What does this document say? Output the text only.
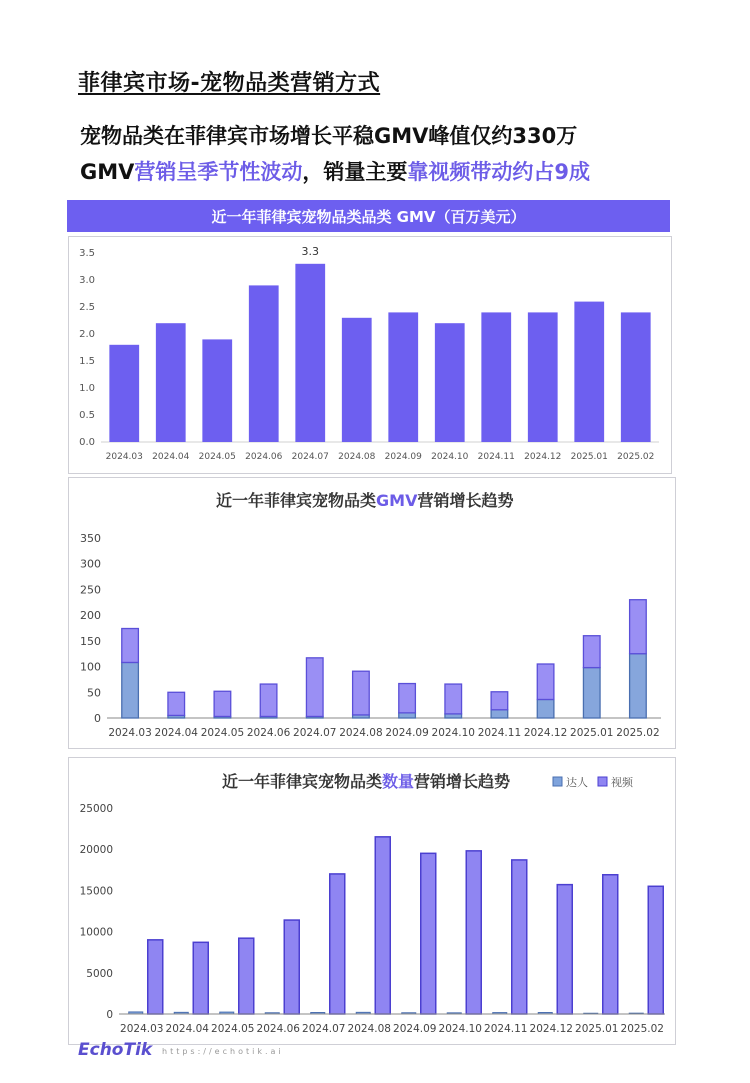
菲律宾市场-宠物品类营销方式
宠物品类在菲律宾市场增长平稳GMV峰值仅约330万
GMV营销呈季节性波动，销量主要靠视频带动约占9成
近一年菲律宾宠物品类品类 GMV（百万美元）
0.0
0.5
1.0
1.5
2.0
2.5
3.0
3.5
2024.03 2024.04 2024.05 2024.06 2024.07
3.3
2024.08 2024.09 2024.10 2024.11 2024.12 2025.01 2025.02
近一年菲律宾宠物品类GMV营销增长趋势
0
50
100
150
200
250
300
350
2024.03 2024.04 2024.05 2024.06 2024.07 2024.08 2024.09 2024.10 2024.11 2024.12 2025.01 2025.02
近一年菲律宾宠物品类数量营销增长趋势
0
5000
10000
15000
20000
25000
2024.03 2024.04 2024.05 2024.06 2024.07 2024.08 2024.09 2024.10 2024.11 2024.12 2025.01 2025.02
达人 视频
EchoTik https://echotik.ai
